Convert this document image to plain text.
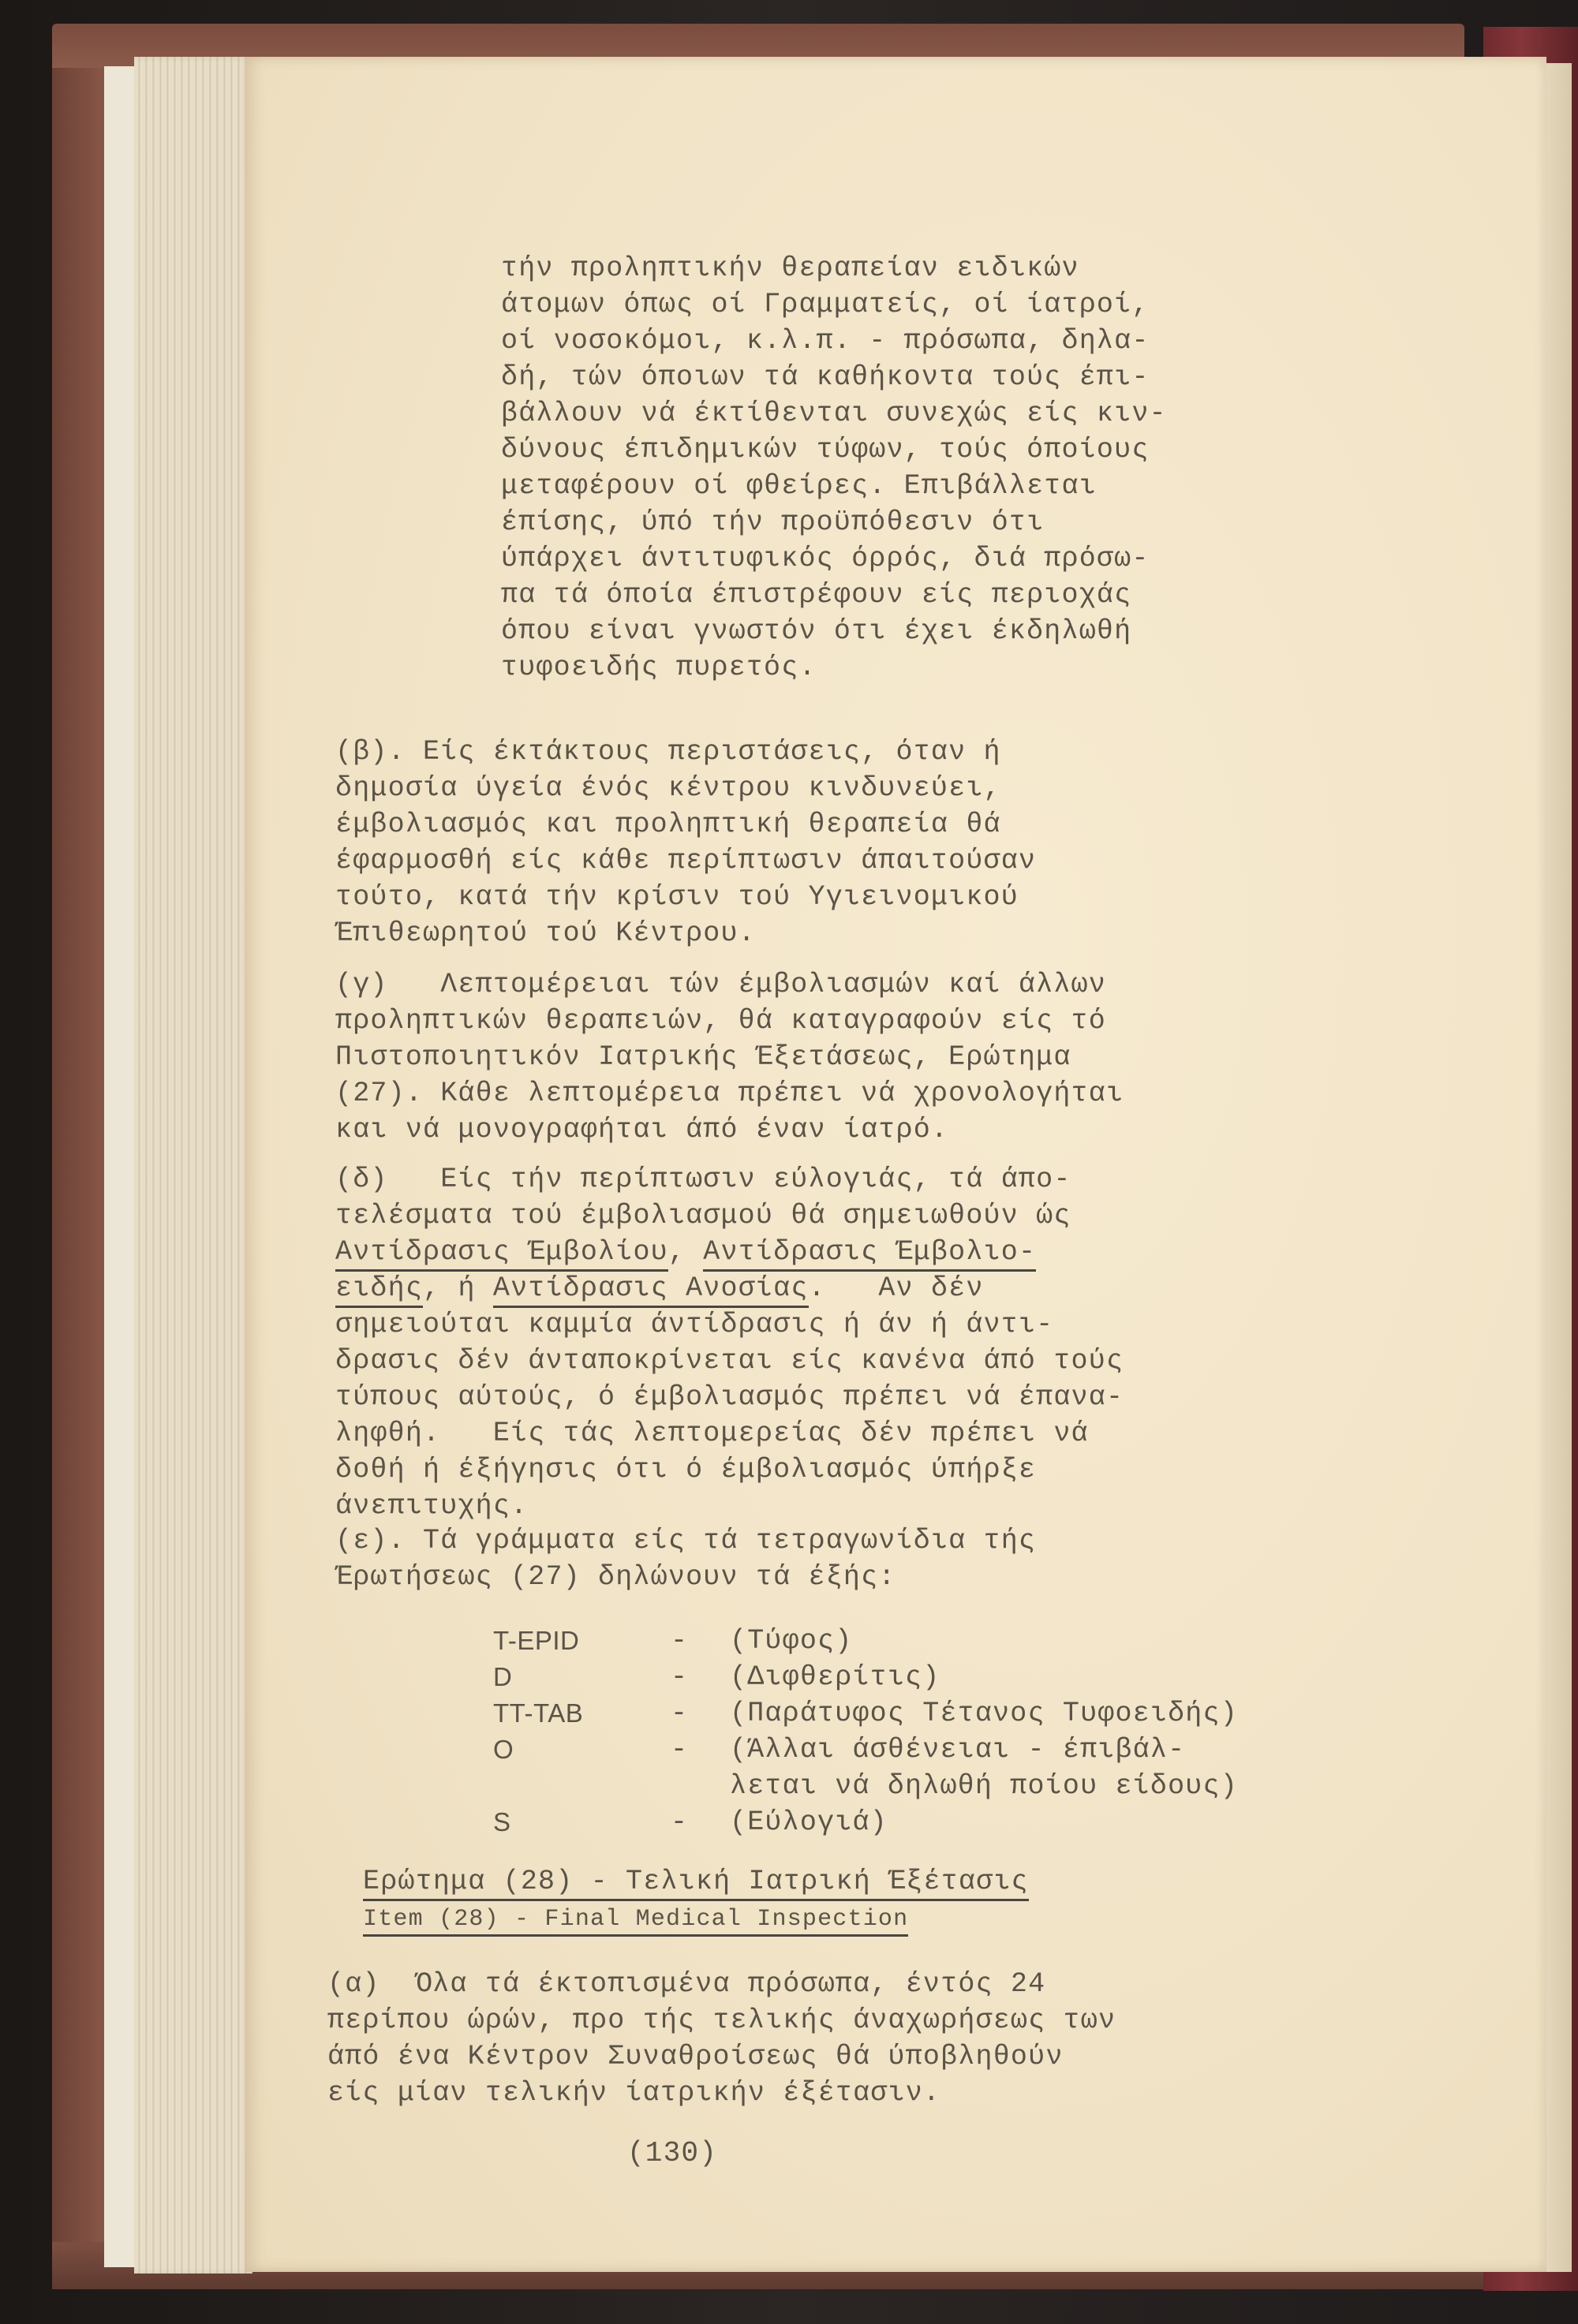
τήν προληπτικήν θεραπείαν ειδικών
άτομων όπως οί Γραμματείς, οί ίατροί,
oί νοσοκόμοι, κ.λ.π. - πρόσωπα, δηλα-
δή, τών όποιων τά καθήκοντα τούς έπι-
βάλλουν νά έκτίθενται συνεχώς είς κιν-
δύνους έπιδημικών τύφων, τούς όποίους
μεταφέρουν οί φθείρες. Επιβάλλεται
έπίσης, ύπό τήν προϋπόθεσιν ότι
ύπάρχει άντιτυφικός όρρός, διά πρόσω-
πα τά όποία έπιστρέφουν είς περιοχάς
όπου είναι γνωστόν ότι έχει έκδηλωθή
τυφοειδής πυρετός.
(β). Είς έκτάκτους περιστάσεις, όταν ή
δημοσία ύγεία ένός κέντρου κινδυνεύει,
έμβολιασμός και προληπτική θεραπεία θά
έφαρμοσθή είς κάθε περίπτωσιν άπαιτούσαν
τούτο, κατά τήν κρίσιν τού Υγιεινομικού
Έπιθεωρητού τού Κέντρου.
(γ)   Λεπτομέρειαι τών έμβολιασμών καί άλλων
προληπτικών θεραπειών, θά καταγραφούν είς τό
Πιστοποιητικόν Ιατρικής Έξετάσεως, Ερώτημα
(27). Κάθε λεπτομέρεια πρέπει νά χρονολογήται
και νά μονογραφήται άπό έναν ίατρό.
(δ)   Είς τήν περίπτωσιν εύλογιάς, τά άπο-
τελέσματα τού έμβολιασμού θά σημειωθούν ώς
Αντίδρασις Έμβολίου, Αντίδρασις Έμβολιο-
ειδής, ή Αντίδρασις Ανοσίας.   Αν δέν
σημειούται καμμία άντίδρασις ή άν ή άντι-
δρασις δέν άνταποκρίνεται είς κανένα άπό τούς
τύπους αύτούς, ό έμβολιασμός πρέπει νά έπανα-
ληφθή.   Είς τάς λεπτομερείας δέν πρέπει νά
δοθή ή έξήγησις ότι ό έμβολιασμός ύπήρξε
άνεπιτυχής.
(ε). Τά γράμματα είς τά τετραγωνίδια τής
Έρωτήσεως (27) δηλώνουν τά έξής:
T-EPID	- (Τύφος)
D	- (Διφθερίτις)
TT-TAB	- (Παράτυφος Τέτανος Τυφοειδής)
O	- (Άλλαι άσθένειαι - έπιβάλ-
λεται νά δηλωθή ποίου είδους)
S	- (Εύλογιά)
Ερώτημα (28) - Τελική Ιατρική Έξέτασις
Item (28) - Final Medical Inspection
(α)  Όλα τά έκτοπισμένα πρόσωπα, έντός 24
περίπου ώρών, προ τής τελικής άναχωρήσεως των
άπό ένα Κέντρον Συναθροίσεως θά ύποβληθούν
είς μίαν τελικήν ίατρικήν έξέτασιν.
(130)
